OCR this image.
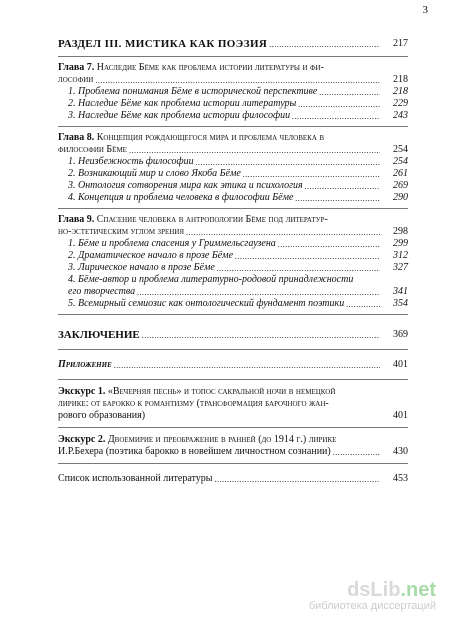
3
РАЗДЕЛ III. МИСТИКА КАК ПОЭЗИЯ .....	217
Глава 7. Наследие Бёме как проблема истории литературы и фи-
лософии .....	218
1. Проблема понимания Бёме в исторической перспективе .....	218
2. Наследие Бёме как проблема истории литературы .....	229
3. Наследие Бёме как проблема истории философии .....	243
Глава 8. Концепция рождающегося мира и проблема человека в
философии Бёме .....	254
1. Неизбежность философии .....	254
2. Возникающий мир и слово Якоба Бёме .....	261
3. Онтология сотворения мира как этика и психология .....	269
4. Концепция и проблема человека в философии Бёме .....	290
Глава 9. Спасение человека в антропологии Бёме под литератур-
но-эстетическим углом зрения .....	298
1. Бёме и проблема спасения у Гриммельсгаузена .....	299
2. Драматическое начало в прозе Бёме .....	312
3. Лирическое начало в прозе Бёме .....	327
4. Бёме-автор и проблема литературно-родовой принадлежности
его творчества .....	341
5. Всемирный семиозис как онтологический фундамент поэтики .....	354
ЗАКЛЮЧЕНИЕ .....	369
Приложение .....	401
Экскурс 1. «Вечерняя песнь» и топос сакральной ночи в немецкой
лирике: от барокко к романтизму (трансформация барочного жан-
рового образования)	401
Экскурс 2. Двоемирие и преображение в ранней (до 1914 г.) лирике
И.Р.Бехера (поэтика барокко в новейшем личностном сознании) .....	430
Список использованной литературы .....	453
dsLib.net
библиотека диссертаций
